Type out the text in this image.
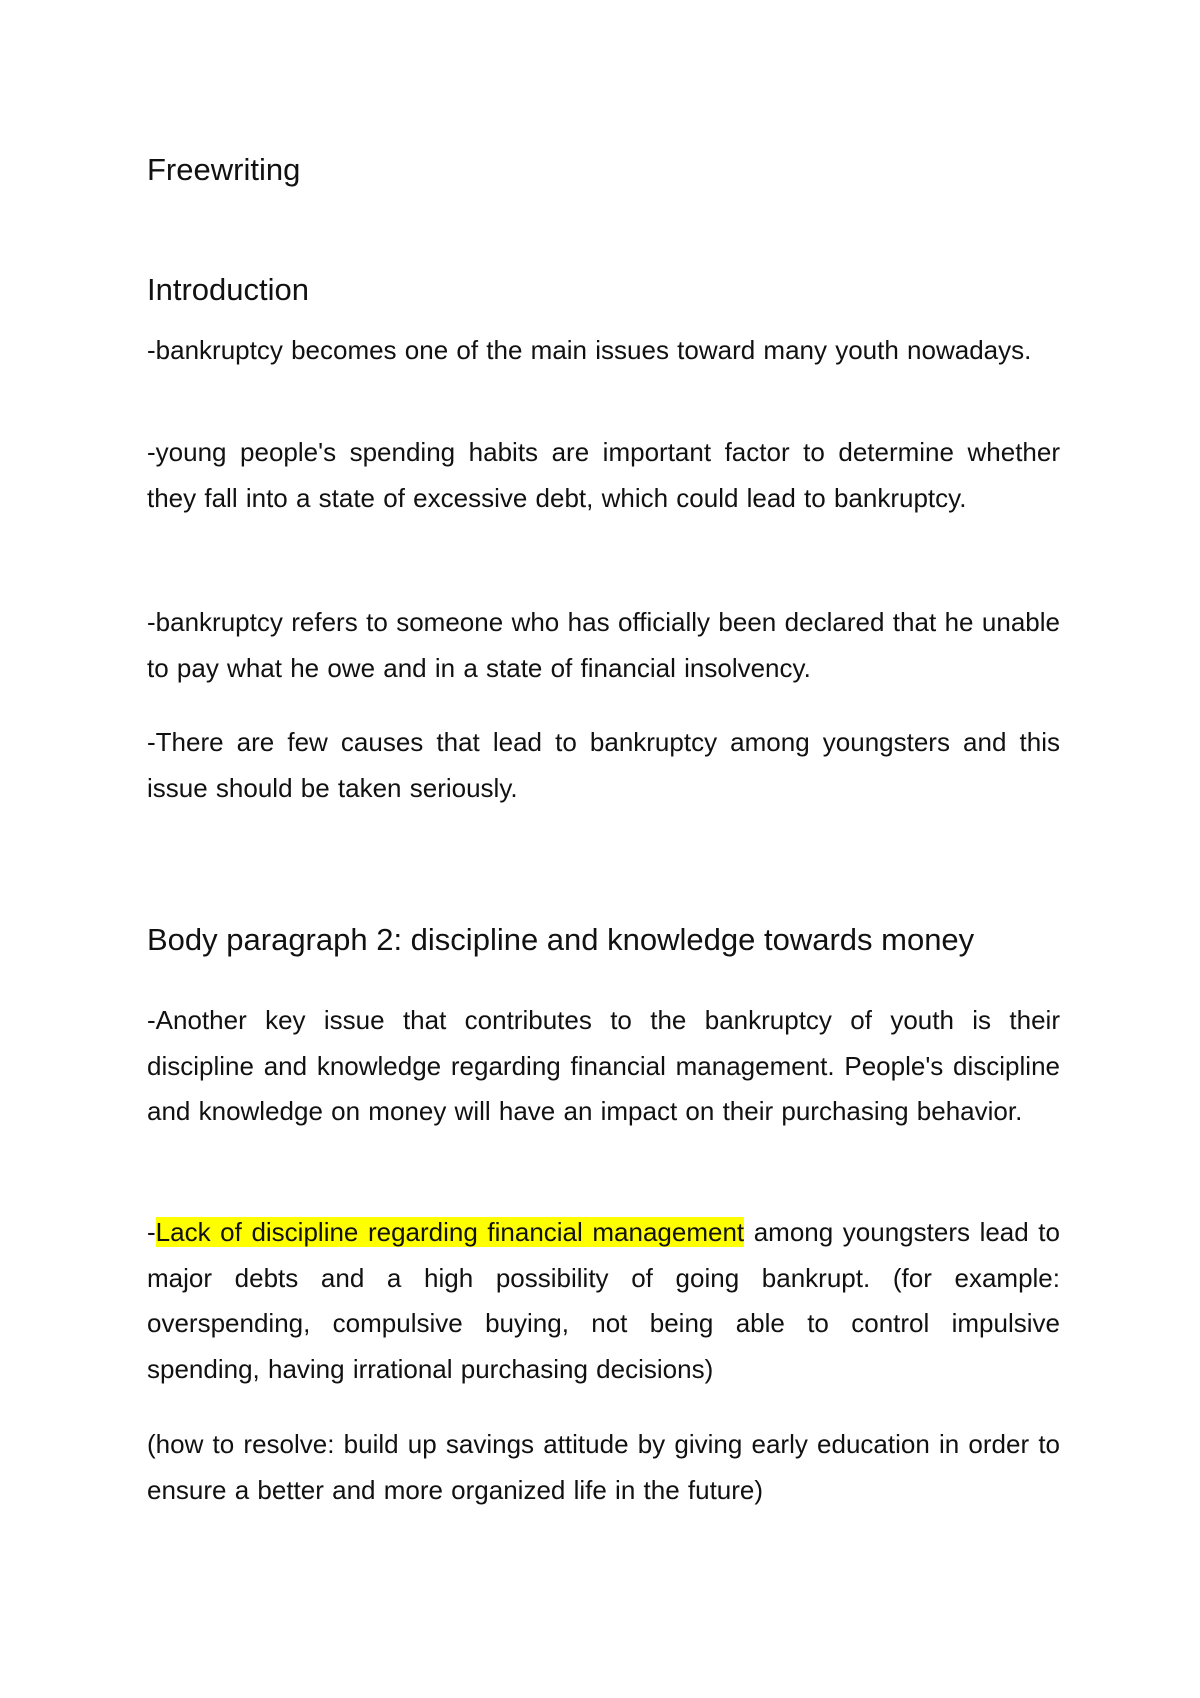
Freewriting
Introduction

-bankruptcy becomes one of the main issues toward many youth nowadays.

-young people's spending habits are important factor to determine whether they fall into a state of excessive debt, which could lead to bankruptcy.

-bankruptcy refers to someone who has officially been declared that he unable to pay what he owe and in a state of financial insolvency.

-There are few causes that lead to bankruptcy among youngsters and this issue should be taken seriously.

Body paragraph 2: discipline and knowledge towards money

-Another key issue that contributes to the bankruptcy of youth is their discipline and knowledge regarding financial management. People's discipline and knowledge on money will have an impact on their purchasing behavior.

-Lack of discipline regarding financial management among youngsters lead to major debts and a high possibility of going bankrupt. (for example: overspending, compulsive buying, not being able to control impulsive spending, having irrational purchasing decisions)

(how to resolve: build up savings attitude by giving early education in order to ensure a better and more organized life in the future)
